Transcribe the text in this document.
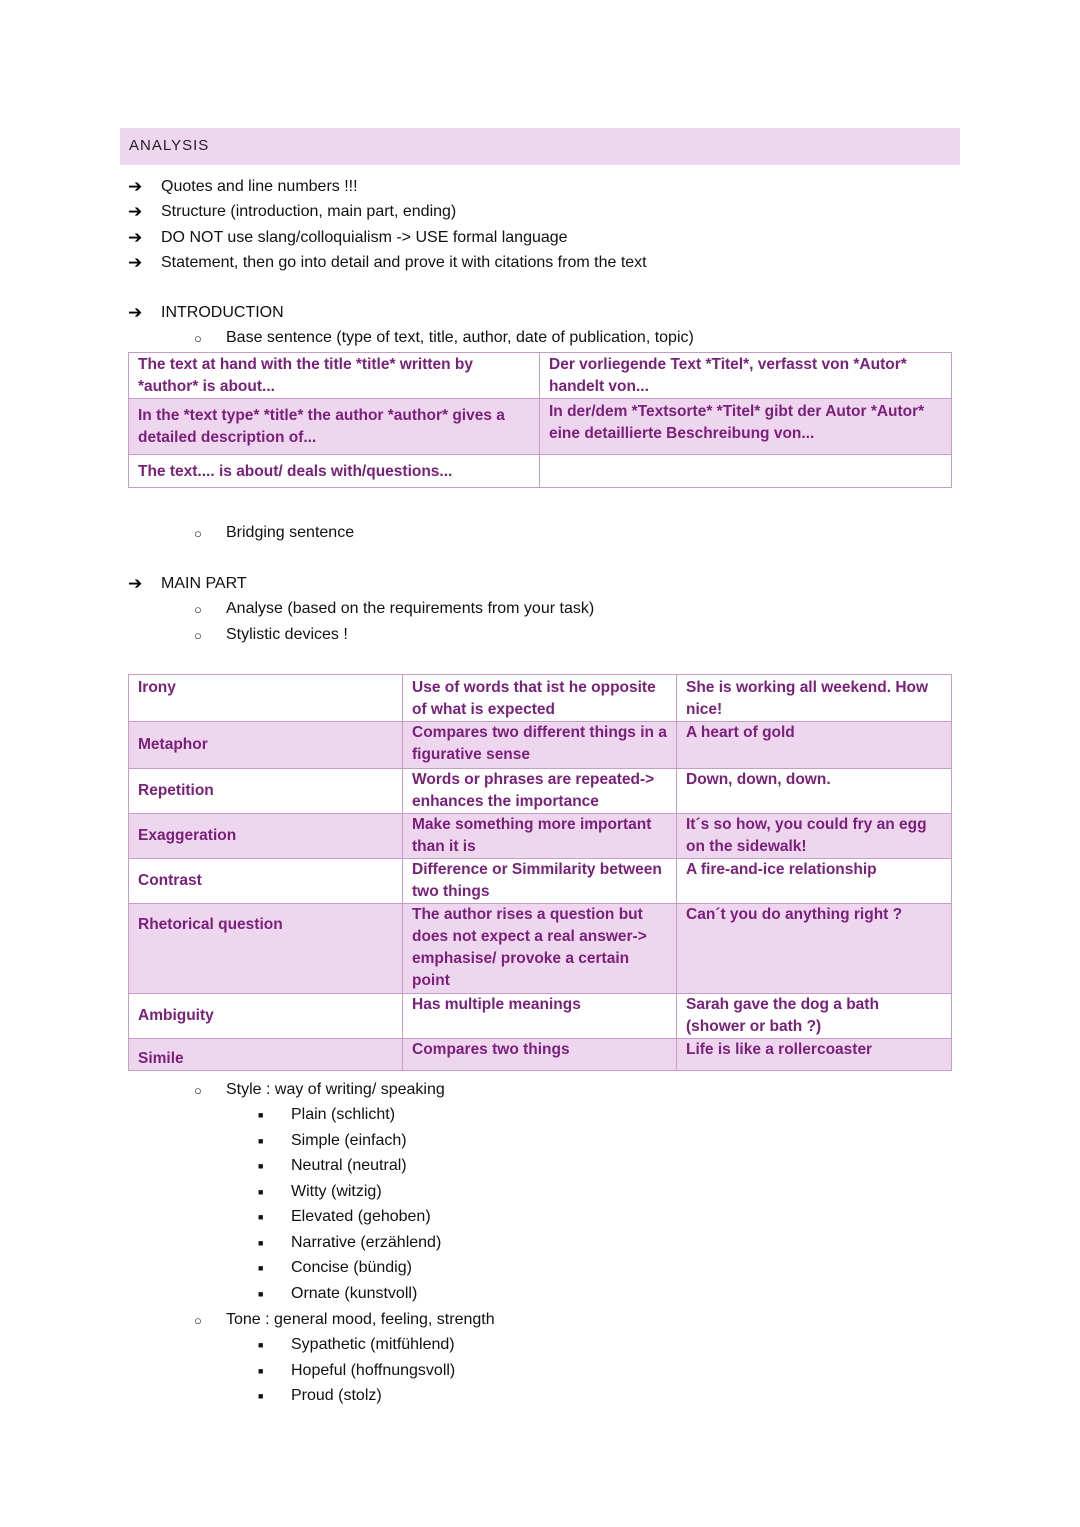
ANALYSIS
➔	Quotes and line numbers !!!
➔	Structure (introduction, main part, ending)
➔	DO NOT use slang/colloquialism -> USE formal language
➔	Statement, then go into detail and prove it with citations from the text
➔	INTRODUCTION
○	Base sentence (type of text, title, author, date of publication, topic)
The text at hand with the title *title* written by *author* is about...	Der vorliegende Text *Titel*, verfasst von *Autor* handelt von...
In the *text type* *title* the author *author* gives a detailed description of...	In der/dem *Textsorte* *Titel* gibt der Autor *Autor* eine detaillierte Beschreibung von...
The text.... is about/ deals with/questions...	
○	Bridging sentence
➔	MAIN PART
○	Analyse (based on the requirements from your task)
○	Stylistic devices !
Irony	Use of words that ist he opposite of what is expected	She is working all weekend. How nice!
Metaphor	Compares two different things in a figurative sense	A heart of gold
Repetition	Words or phrases are repeated-> enhances the importance	Down, down, down.
Exaggeration	Make something more important than it is	It´s so how, you could fry an egg on the sidewalk!
Contrast	Difference or Simmilarity between two things	A fire-and-ice relationship
Rhetorical question	The author rises a question but does not expect a real answer-> emphasise/ provoke a certain point	Can´t you do anything right ?
Ambiguity	Has multiple meanings	Sarah gave the dog a bath (shower or bath ?)
Simile	Compares two things	Life is like a rollercoaster
○	Style : way of writing/ speaking
■	Plain (schlicht)
■	Simple (einfach)
■	Neutral (neutral)
■	Witty (witzig)
■	Elevated (gehoben)
■	Narrative (erzählend)
■	Concise (bündig)
■	Ornate (kunstvoll)
○	Tone : general mood, feeling, strength
■	Sypathetic (mitfühlend)
■	Hopeful (hoffnungsvoll)
■	Proud (stolz)
